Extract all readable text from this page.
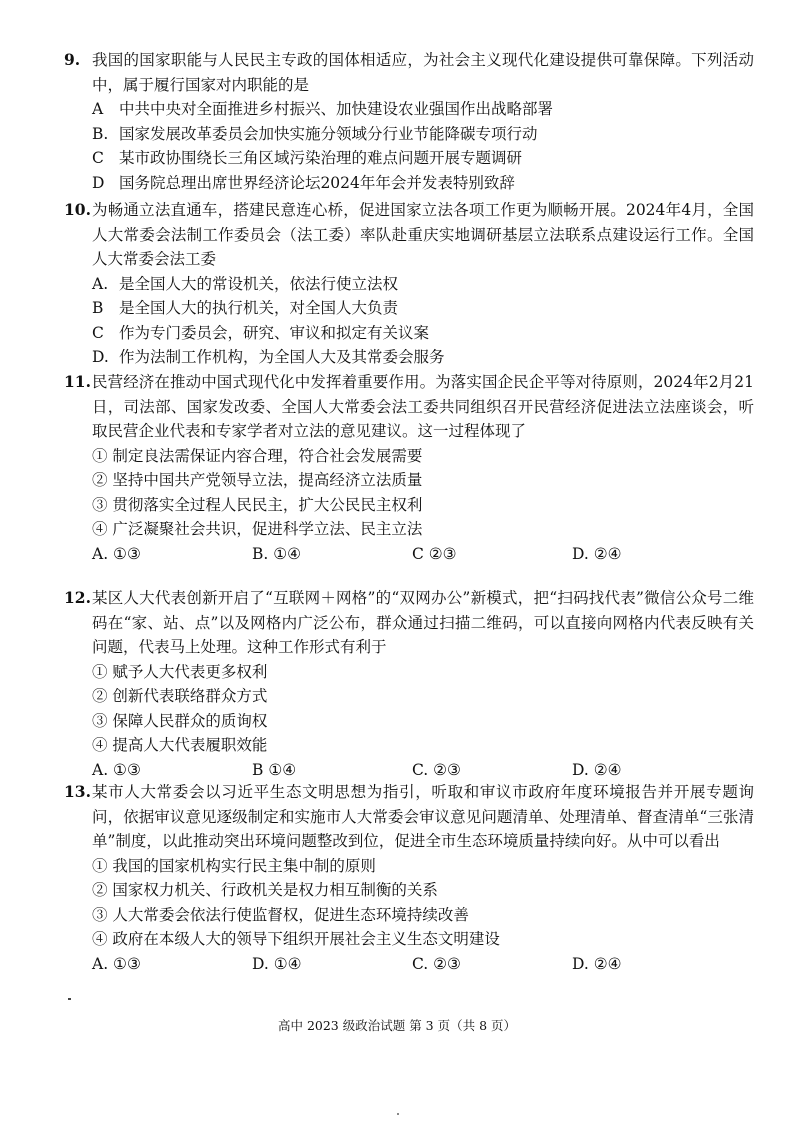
9. 我国的国家职能与人民民主专政的国体相适应，为社会主义现代化建设提供可靠保障。下列活动中，属于履行国家对内职能的是
A 中共中央对全面推进乡村振兴、加快建设农业强国作出战略部署
B. 国家发展改革委员会加快实施分领域分行业节能降碳专项行动
C 某市政协围绕长三角区域污染治理的难点问题开展专题调研
D 国务院总理出席世界经济论坛2024年年会并发表特别致辞
10. 为畅通立法直通车，搭建民意连心桥，促进国家立法各项工作更为顺畅开展。2024年4月，全国人大常委会法制工作委员会（法工委）率队赴重庆实地调研基层立法联系点建设运行工作。全国人大常委会法工委
A. 是全国人大的常设机关，依法行使立法权
B 是全国人大的执行机关，对全国人大负责
C 作为专门委员会，研究、审议和拟定有关议案
D. 作为法制工作机构，为全国人大及其常委会服务
11. 民营经济在推动中国式现代化中发挥着重要作用。为落实国企民企平等对待原则，2024年2月21日，司法部、国家发改委、全国人大常委会法工委共同组织召开民营经济促进法立法座谈会，听取民营企业代表和专家学者对立法的意见建议。这一过程体现了
① 制定良法需保证内容合理，符合社会发展需要
② 坚持中国共产党领导立法，提高经济立法质量
③ 贯彻落实全过程人民民主，扩大公民民主权利
④ 广泛凝聚社会共识，促进科学立法、民主立法
A. ①③	B. ①④	C ②③	D. ②④
12. 某区人大代表创新开启了“互联网＋网格”的“双网办公”新模式，把“扫码找代表”微信公众号二维码在“家、站、点”以及网格内广泛公布，群众通过扫描二维码，可以直接向网格内代表反映有关问题，代表马上处理。这种工作形式有利于
① 赋予人大代表更多权利
② 创新代表联络群众方式
③ 保障人民群众的质询权
④ 提高人大代表履职效能
A. ①③	B ①④	C. ②③	D. ②④
13. 某市人大常委会以习近平生态文明思想为指引，听取和审议市政府年度环境报告并开展专题询问，依据审议意见逐级制定和实施市人大常委会审议意见问题清单、处理清单、督查清单“三张清单”制度，以此推动突出环境问题整改到位，促进全市生态环境质量持续向好。从中可以看出
① 我国的国家机构实行民主集中制的原则
② 国家权力机关、行政机关是权力相互制衡的关系
③ 人大常委会依法行使监督权，促进生态环境持续改善
④ 政府在本级人大的领导下组织开展社会主义生态文明建设
A. ①③	D. ①④	C. ②③	D. ②④
高中 2023 级政治试题 第 3 页（共 8 页）
